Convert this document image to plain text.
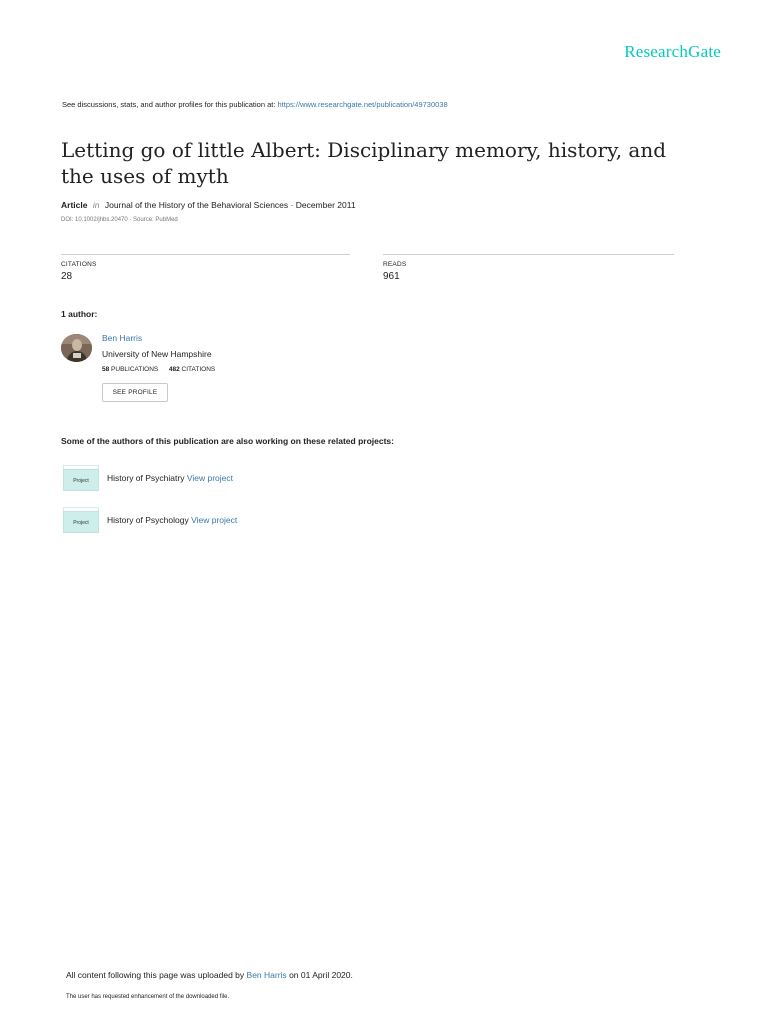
ResearchGate
See discussions, stats, and author profiles for this publication at: https://www.researchgate.net/publication/49730038
Letting go of little Albert: Disciplinary memory, history, and the uses of myth
Article in Journal of the History of the Behavioral Sciences · December 2011
DOI: 10.1002/jhbs.20470 · Source: PubMed
CITATIONS
28
READS
961
1 author:
Ben Harris
University of New Hampshire
58 PUBLICATIONS 482 CITATIONS
SEE PROFILE
Some of the authors of this publication are also working on these related projects:
Project	History of Psychiatry View project
Project	History of Psychology View project
All content following this page was uploaded by Ben Harris on 01 April 2020.
The user has requested enhancement of the downloaded file.
